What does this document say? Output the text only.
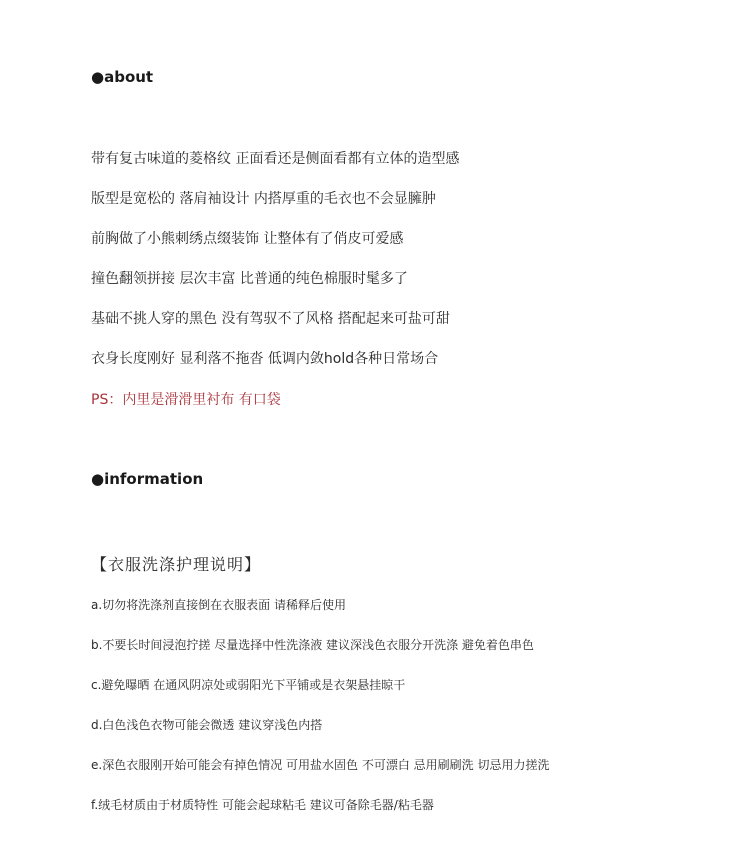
●about
带有复古味道的菱格纹 正面看还是侧面看都有立体的造型感
版型是宽松的 落肩袖设计 内搭厚重的毛衣也不会显臃肿
前胸做了小熊刺绣点缀装饰 让整体有了俏皮可爱感
撞色翻领拼接 层次丰富 比普通的纯色棉服时髦多了
基础不挑人穿的黑色 没有驾驭不了风格 搭配起来可盐可甜
衣身长度刚好 显利落不拖沓 低调内敛hold各种日常场合
PS：内里是滑滑里衬布 有口袋
●information
【衣服洗涤护理说明】
a.切勿将洗涤剂直接倒在衣服表面 请稀释后使用
b.不要长时间浸泡拧搓 尽量选择中性洗涤液 建议深浅色衣服分开洗涤 避免着色串色
c.避免曝晒 在通风阴凉处或弱阳光下平铺或是衣架悬挂晾干
d.白色浅色衣物可能会微透 建议穿浅色内搭
e.深色衣服刚开始可能会有掉色情况 可用盐水固色 不可漂白 忌用刷刷洗 切忌用力搓洗
f.绒毛材质由于材质特性 可能会起球粘毛 建议可备除毛器/粘毛器
